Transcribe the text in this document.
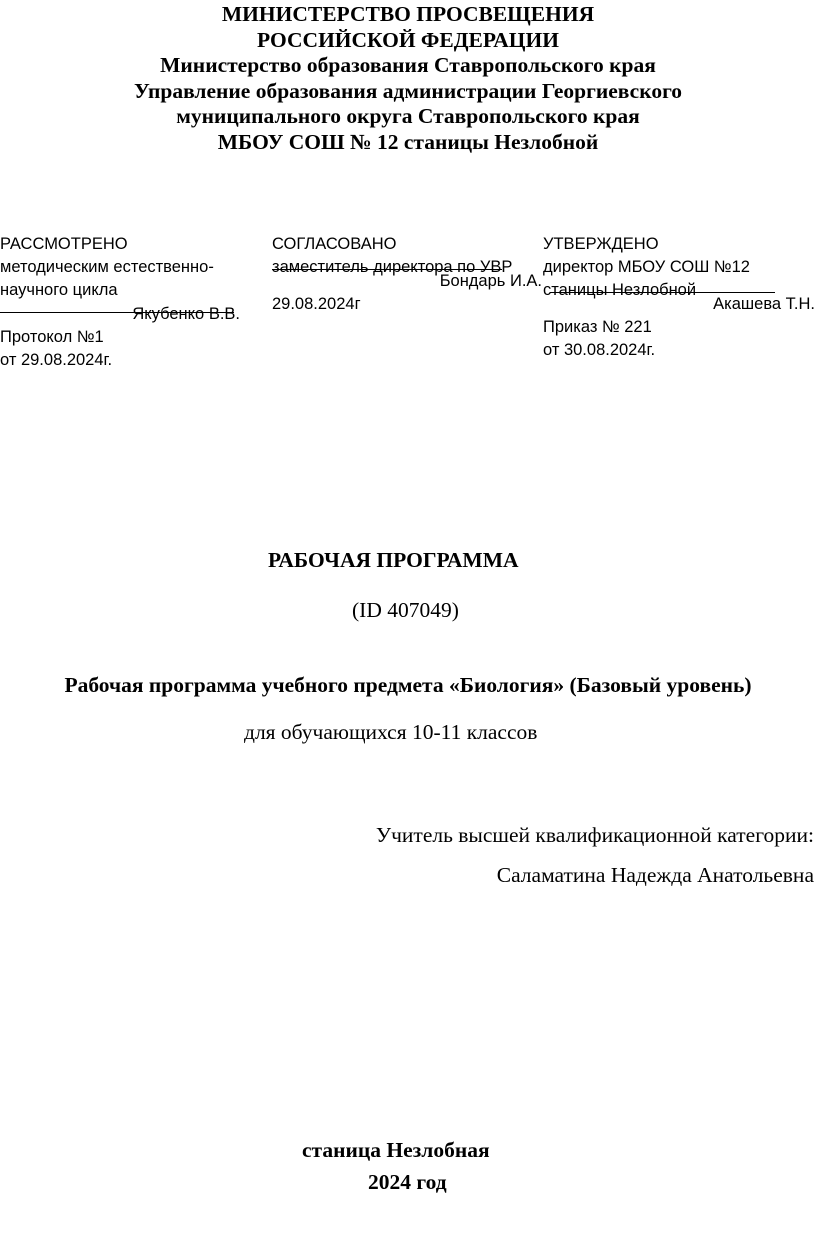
МИНИСТЕРСТВО ПРОСВЕЩЕНИЯ
РОССИЙСКОЙ ФЕДЕРАЦИИ
Министерство образования Ставропольского края
Управление образования администрации Георгиевского
муниципального округа Ставропольского края
МБОУ СОШ № 12 станицы Незлобной
РАССМОТРЕНО
методическим естественно-
научного цикла
Якубенко В.В.
Протокол №1
от 29.08.2024г.
СОГЛАСОВАНО
заместитель директора по УВР
Бондарь И.А.
29.08.2024г
УТВЕРЖДЕНО
директор МБОУ СОШ №12
станицы Незлобной
Акашева Т.Н.
Приказ № 221
от 30.08.2024г.
РАБОЧАЯ ПРОГРАММА
(ID 407049)
Рабочая программа учебного предмета «Биология» (Базовый уровень)
для обучающихся 10-11 классов
Учитель высшей квалификационной категории:
Саламатина Надежда Анатольевна
станица Незлобная
2024 год
